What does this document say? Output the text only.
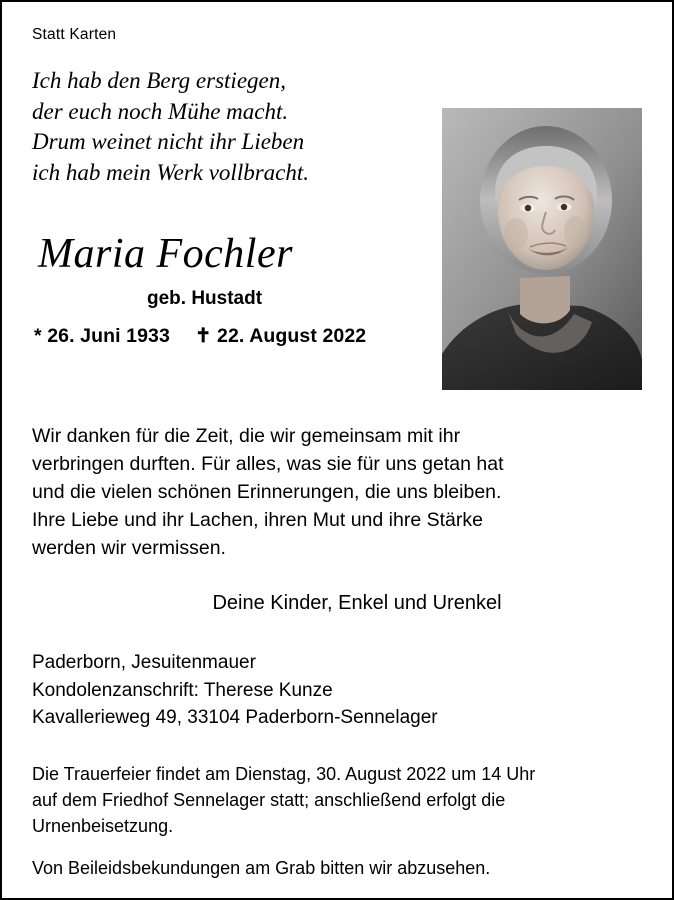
Statt Karten
Ich hab den Berg erstiegen,
der euch noch Mühe macht.
Drum weinet nicht ihr Lieben
ich hab mein Werk vollbracht.
Maria Fochler
geb. Hustadt
* 26. Juni 1933 ✝ 22. August 2022
Wir danken für die Zeit, die wir gemeinsam mit ihr
verbringen durften. Für alles, was sie für uns getan hat
und die vielen schönen Erinnerungen, die uns bleiben.
Ihre Liebe und ihr Lachen, ihren Mut und ihre Stärke
werden wir vermissen.
Deine Kinder, Enkel und Urenkel
Paderborn, Jesuitenmauer
Kondolenzanschrift: Therese Kunze
Kavallerieweg 49, 33104 Paderborn-Sennelager
Die Trauerfeier findet am Dienstag, 30. August 2022 um 14 Uhr
auf dem Friedhof Sennelager statt; anschließend erfolgt die
Urnenbeisetzung.
Von Beileidsbekundungen am Grab bitten wir abzusehen.
